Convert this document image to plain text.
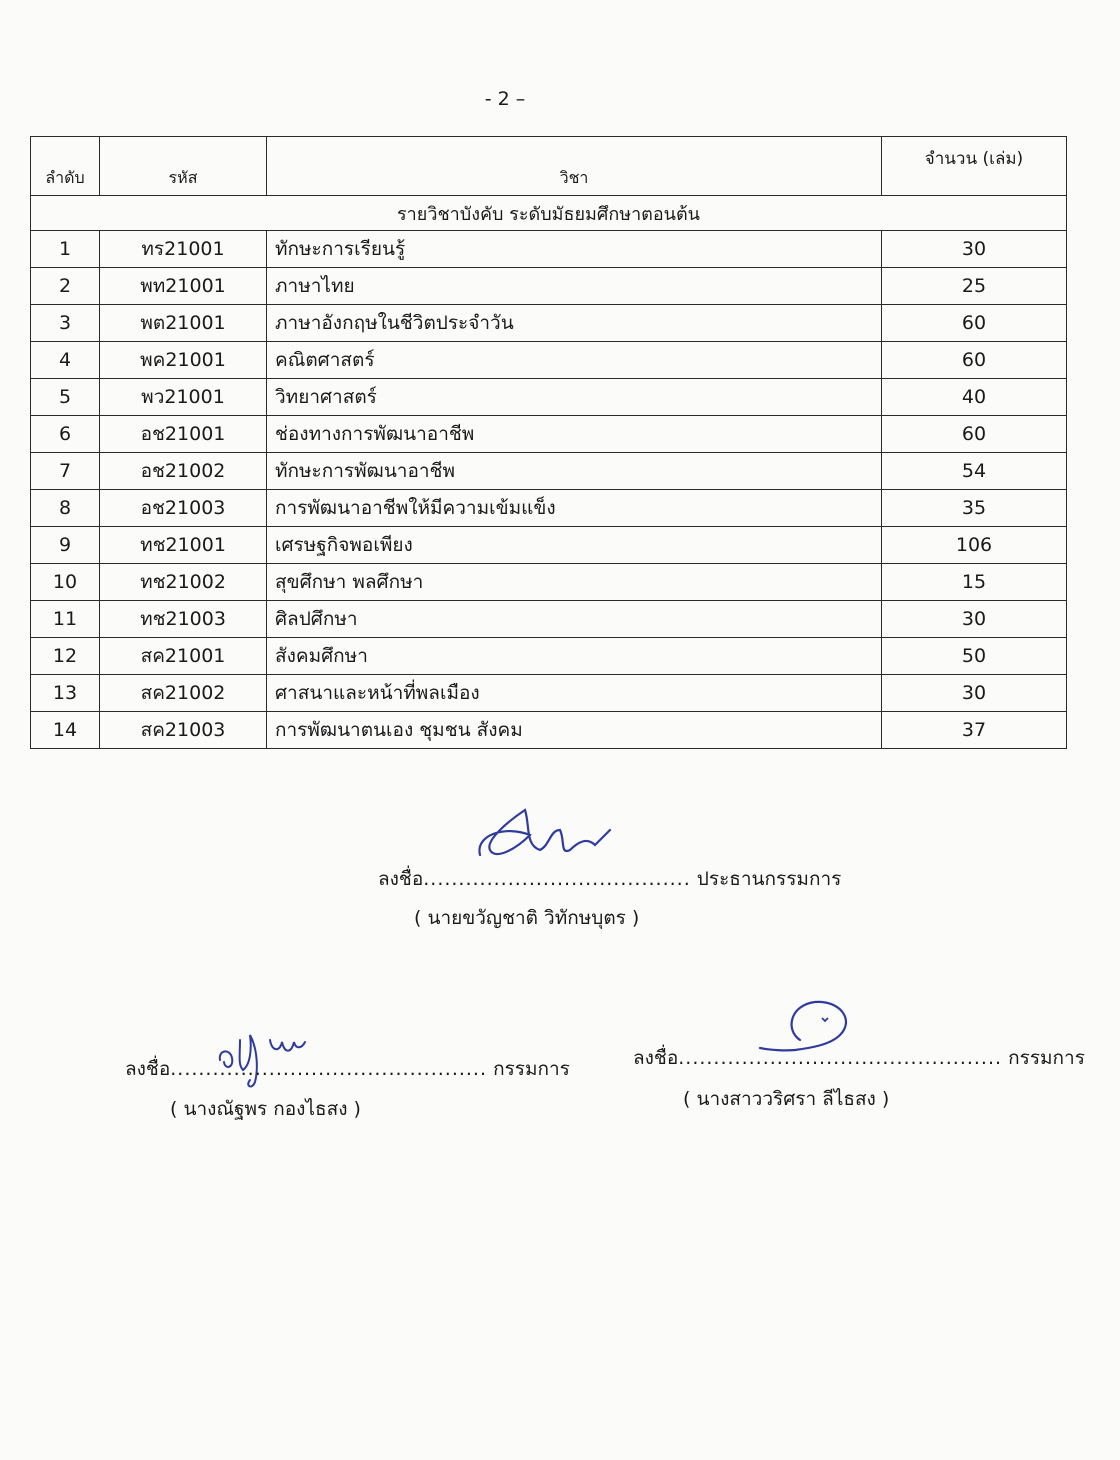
- 2 –
ลำดับ	รหัส	วิชา	จำนวน (เล่ม)
รายวิชาบังคับ ระดับมัธยมศึกษาตอนต้น			
1	ทร21001	ทักษะการเรียนรู้	30
2	พท21001	ภาษาไทย	25
3	พต21001	ภาษาอังกฤษในชีวิตประจำวัน	60
4	พค21001	คณิตศาสตร์	60
5	พว21001	วิทยาศาสตร์	40
6	อช21001	ช่องทางการพัฒนาอาชีพ	60
7	อช21002	ทักษะการพัฒนาอาชีพ	54
8	อช21003	การพัฒนาอาชีพให้มีความเข้มแข็ง	35
9	ทช21001	เศรษฐกิจพอเพียง	106
10	ทช21002	สุขศึกษา พลศึกษา	15
11	ทช21003	ศิลปศึกษา	30
12	สค21001	สังคมศึกษา	50
13	สค21002	ศาสนาและหน้าที่พลเมือง	30
14	สค21003	การพัฒนาตนเอง ชุมชน สังคม	37
ลงชื่อ...................................... ประธานกรรมการ
( นายขวัญชาติ วิทักษบุตร )
ลงชื่อ............................................. กรรมการ
( นางณัฐพร กองไธสง )
ลงชื่อ.............................................. กรรมการ
( นางสาววริศรา ลีไธสง )
